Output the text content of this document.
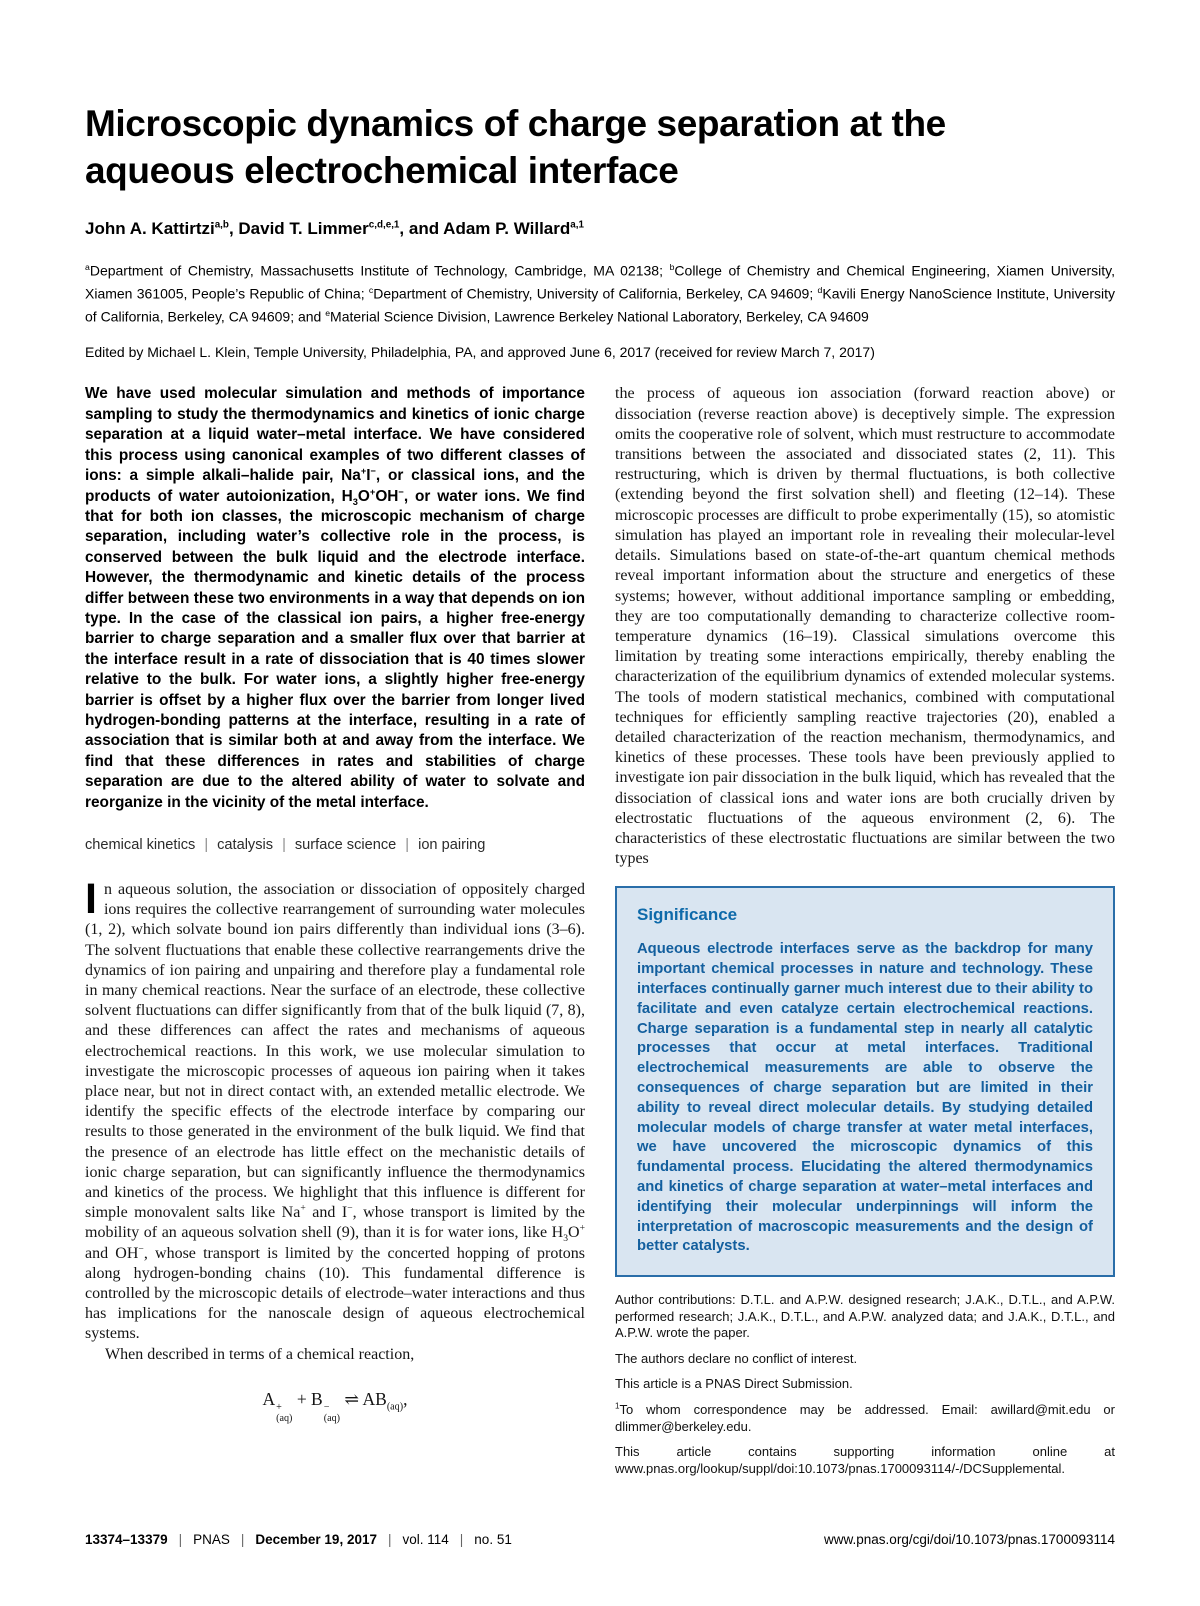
Microscopic dynamics of charge separation at the
aqueous electrochemical interface

John A. Kattirtzi$^{a,b}$, David T. Limmer$^{c,d,e,1}$, and Adam P. Willard$^{a,1}$

$^a$Department of Chemistry, Massachusetts Institute of Technology, Cambridge, MA 02138; $^b$College of Chemistry and Chemical Engineering, Xiamen University, Xiamen 361005, People’s Republic of China; $^c$Department of Chemistry, University of California, Berkeley, CA 94609; $^d$Kavili Energy NanoScience Institute, University of California, Berkeley, CA 94609; and $^e$Material Science Division, Lawrence Berkeley National Laboratory, Berkeley, CA 94609

Edited by Michael L. Klein, Temple University, Philadelphia, PA, and approved June 6, 2017 (received for review March 7, 2017)

We have used molecular simulation and methods of importance sampling to study the thermodynamics and kinetics of ionic charge separation at a liquid water–metal interface. We have considered this process using canonical examples of two different classes of ions: a simple alkali–halide pair, Na+I−, or classical ions, and the products of water autoionization, $H_3O^+OH^-$, or water ions. We find that for both ion classes, the microscopic mechanism of charge separation, including water’s collective role in the process, is conserved between the bulk liquid and the electrode interface. However, the thermodynamic and kinetic details of the process differ between these two environments in a way that depends on ion type. In the case of the classical ion pairs, a higher free-energy barrier to charge separation and a smaller flux over that barrier at the interface result in a rate of dissociation that is 40 times slower relative to the bulk. For water ions, a slightly higher free-energy barrier is offset by a higher flux over the barrier from longer lived hydrogen-bonding patterns at the interface, resulting in a rate of association that is similar both at and away from the interface. We find that these differences in rates and stabilities of charge separation are due to the altered ability of water to solvate and reorganize in the vicinity of the metal interface.

chemical kinetics | catalysis | surface science | ion pairing

In aqueous solution, the association or dissociation of oppositely charged ions requires the collective rearrangement of surrounding water molecules (1, 2), which solvate bound ion pairs differently than individual ions (3–6). The solvent fluctuations that enable these collective rearrangements drive the dynamics of ion pairing and unpairing and therefore play a fundamental role in many chemical reactions. Near the surface of an electrode, these collective solvent fluctuations can differ significantly from that of the bulk liquid (7, 8), and these differences can affect the rates and mechanisms of aqueous electrochemical reactions. In this work, we use molecular simulation to investigate the microscopic processes of aqueous ion pairing when it takes place near, but not in direct contact with, an extended metallic electrode. We identify the specific effects of the electrode interface by comparing our results to those generated in the environment of the bulk liquid. We find that the presence of an electrode has little effect on the mechanistic details of ionic charge separation, but can significantly influence the thermodynamics and kinetics of the process. We highlight that this influence is different for simple monovalent salts like Na+ and I−, whose transport is limited by the mobility of an aqueous solvation shell (9), than it is for water ions, like $H_3O^+$ and OH−, whose transport is limited by the concerted hopping of protons along hydrogen-bonding chains (10). This fundamental difference is controlled by the microscopic details of electrode–water interactions and thus has implications for the nanoscale design of aqueous electrochemical systems.

When described in terms of a chemical reaction,

A +
(aq)
+ B −
(aq)
⇌ $AB_{(aq)}$,

the process of aqueous ion association (forward reaction above) or dissociation (reverse reaction above) is deceptively simple. The expression omits the cooperative role of solvent, which must restructure to accommodate transitions between the associated and dissociated states (2, 11). This restructuring, which is driven by thermal fluctuations, is both collective (extending beyond the first solvation shell) and fleeting (12–14). These microscopic processes are difficult to probe experimentally (15), so atomistic simulation has played an important role in revealing their molecular-level details. Simulations based on state-of-the-art quantum chemical methods reveal important information about the structure and energetics of these systems; however, without additional importance sampling or embedding, they are too computationally demanding to characterize collective room-temperature dynamics (16–19). Classical simulations overcome this limitation by treating some interactions empirically, thereby enabling the characterization of the equilibrium dynamics of extended molecular systems. The tools of modern statistical mechanics, combined with computational techniques for efficiently sampling reactive trajectories (20), enabled a detailed characterization of the reaction mechanism, thermodynamics, and kinetics of these processes. These tools have been previously applied to investigate ion pair dissociation in the bulk liquid, which has revealed that the dissociation of classical ions and water ions are both crucially driven by electrostatic fluctuations of the aqueous environment (2, 6). The characteristics of these electrostatic fluctuations are similar between the two types

Significance

Aqueous electrode interfaces serve as the backdrop for many important chemical processes in nature and technology. These interfaces continually garner much interest due to their ability to facilitate and even catalyze certain electrochemical reactions. Charge separation is a fundamental step in nearly all catalytic processes that occur at metal interfaces. Traditional electrochemical measurements are able to observe the consequences of charge separation but are limited in their ability to reveal direct molecular details. By studying detailed molecular models of charge transfer at water metal interfaces, we have uncovered the microscopic dynamics of this fundamental process. Elucidating the altered thermodynamics and kinetics of charge separation at water–metal interfaces and identifying their molecular underpinnings will inform the interpretation of macroscopic measurements and the design of better catalysts.

Author contributions: D.T.L. and A.P.W. designed research; J.A.K., D.T.L., and A.P.W. performed research; J.A.K., D.T.L., and A.P.W. analyzed data; and J.A.K., D.T.L., and A.P.W. wrote the paper.

The authors declare no conflict of interest.

This article is a PNAS Direct Submission.

$^1$To whom correspondence may be addressed. Email: awillard@mit.edu or dlimmer@berkeley.edu.

This article contains supporting information online at www.pnas.org/lookup/suppl/doi:10.1073/pnas.1700093114/-/DCSupplemental.

13374–13379 | PNAS | December 19, 2017 | vol. 114 | no. 51	www.pnas.org/cgi/doi/10.1073/pnas.1700093114
